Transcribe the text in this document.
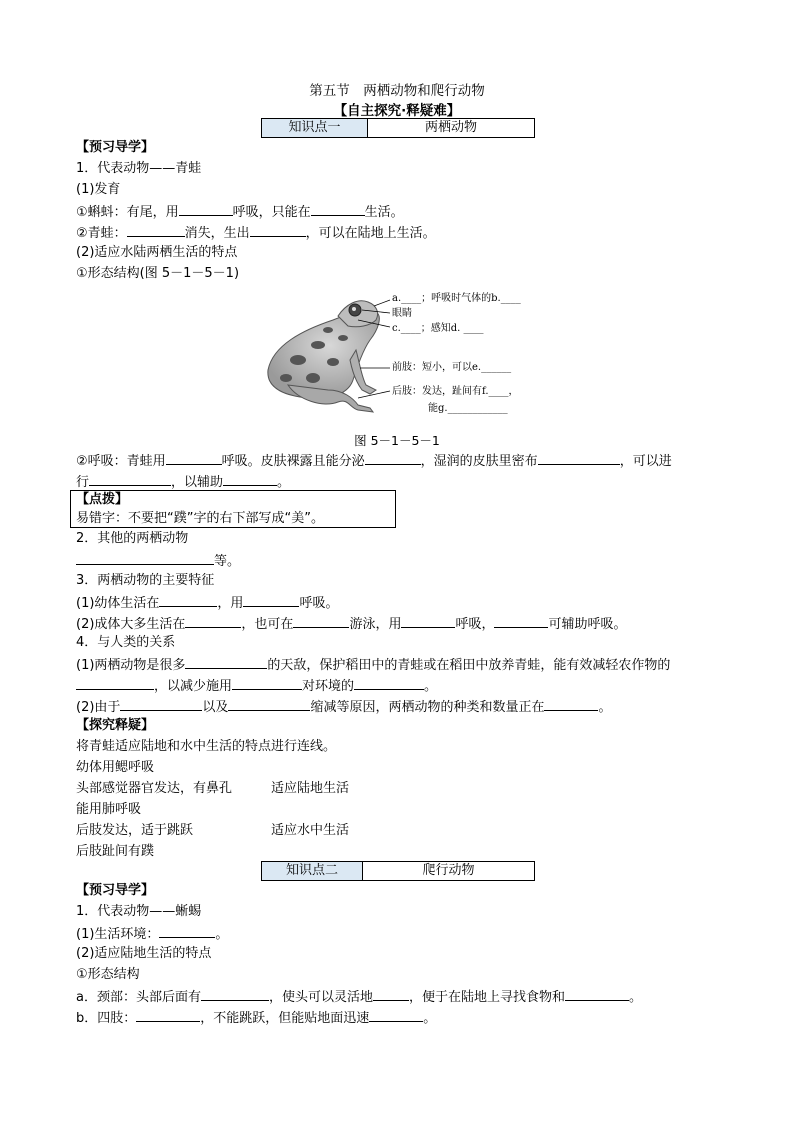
第五节　两栖动物和爬行动物
【自主探究·释疑难】
知识点一	两栖动物
【预习导学】
1．代表动物——青蛙
(1)发育
①蝌蚪：有尾，用	呼吸，只能在	生活。
②青蛙：	消失，生出	，可以在陆地上生活。
(2)适应水陆两栖生活的特点
①形态结构(图 5－1－5－1)
a.____；呼吸时气体的b.____
眼睛
c.____；感知d. ____
前肢：短小，可以e.______
后肢：发达，趾间有f.____，
能g.____________
图 5－1－5－1
②呼吸：青蛙用	呼吸。皮肤裸露且能分泌	，湿润的皮肤里密布	，可以进
行	，以辅助	。
【点拨】
易错字：不要把“蹼”字的右下部写成“美”。
2．其他的两栖动物
等。
3．两栖动物的主要特征
(1)幼体生活在	，用	呼吸。
(2)成体大多生活在	，也可在	游泳，用	呼吸，	可辅助呼吸。
4．与人类的关系
(1)两栖动物是很多	的天敌，保护稻田中的青蛙或在稻田中放养青蛙，能有效减轻农作物的
，以减少施用	对环境的	。
(2)由于	以及	缩减等原因，两栖动物的种类和数量正在	。
【探究释疑】
将青蛙适应陆地和水中生活的特点进行连线。
幼体用鳃呼吸
头部感觉器官发达，有鼻孔	适应陆地生活
能用肺呼吸
后肢发达，适于跳跃	适应水中生活
后肢趾间有蹼
知识点二	爬行动物
【预习导学】
1．代表动物——蜥蜴
(1)生活环境：	。
(2)适应陆地生活的特点
①形态结构
a．颈部：头部后面有	，使头可以灵活地	，便于在陆地上寻找食物和	。
b．四肢：	，不能跳跃，但能贴地面迅速	。
